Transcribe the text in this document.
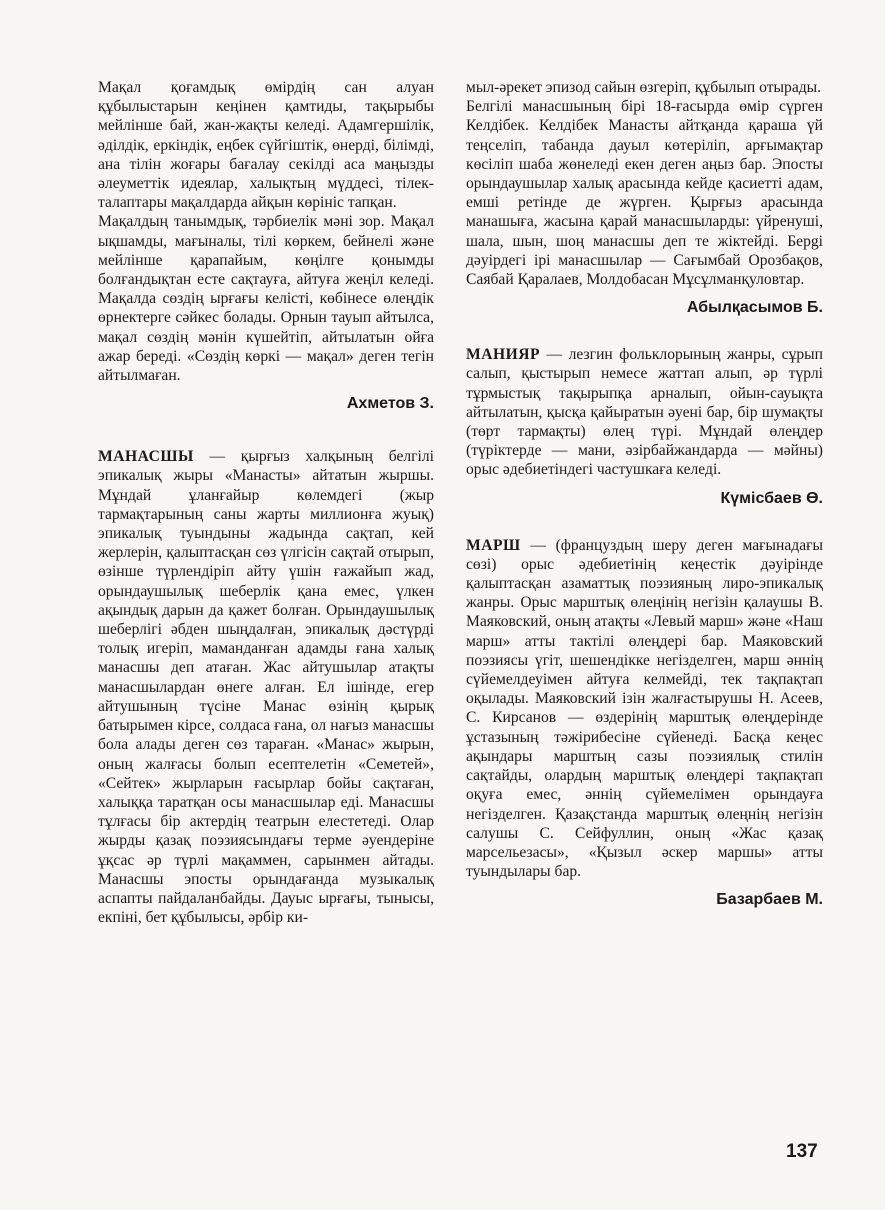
Мақал қоғамдық өмірдің сан алуан құбылыстарын кеңінен қамтиды, тақырыбы мейлінше бай, жан-жақты келеді. Адамгершілік, әділдік, еркіндік, еңбек сүйгіштік, өнерді, білімді, ана тілін жоғары бағалау секілді аса маңызды әлеуметтік идеялар, халықтың мүддесі, тілек-талаптары мақалдарда айқын көрініс тапқан.

Мақалдың танымдық, тәрбиелік мәні зор. Мақал ықшамды, мағыналы, тілі көркем, бейнелі және мейлінше қарапайым, көңілге қонымды болғандықтан есте сақтауға, айтуға жеңіл келеді. Мақалда сөздің ырғағы келісті, көбінесе өлеңдік өрнектерге сәйкес болады. Орнын тауып айтылса, мақал сөздің мәнін күшейтіп, айтылатын ойға ажар береді. «Сөздің көркі — мақал» деген тегін айтылмаған.

Ахметов З.

МАНАСШЫ — қырғыз халқының белгілі эпикалық жыры «Манасты» айтатын жыршы. Мұндай ұланғайыр көлемдегі (жыр тармақтарының саны жарты миллионға жуық) эпикалық туындыны жадында сақтап, кей жерлерін, қалыптасқан сөз үлгісін сақтай отырып, өзінше түрлендіріп айту үшін ғажайып жад, орындаушылық шеберлік қана емес, үлкен ақындық дарын да қажет болған. Орындаушылық шеберлігі әбден шыңдалған, эпикалық дәстүрді толық игеріп, маманданған адамды ғана халық манасшы деп атаған. Жас айтушылар атақты манасшылардан өнеге алған. Ел ішінде, егер айтушының түсіне Манас өзінің қырық батырымен кірсе, солдаса ғана, ол нағыз манасшы бола алады деген сөз тараған. «Манас» жырын, оның жалғасы болып есептелетін «Семетей», «Сейтек» жырларын ғасырлар бойы сақтаған, халыққа таратқан осы манасшылар еді. Манасшы тұлғасы бір актердің театрын елестетеді. Олар жырды қазақ поэзиясындағы терме әуендеріне ұқсас әр түрлі мақаммен, сарынмен айтады. Манасшы эпосты орындағанда музыкалық аспапты пайдаланбайды. Дауыс ырғағы, тынысы, екпіні, бет құбылысы, әрбір ки-

мыл-әрекет эпизод сайын өзгеріп, құбылып отырады.

Белгілі манасшының бірі 18-ғасырда өмір сүрген Келдібек. Келдібек Манасты айтқанда қараша үй теңселіп, табанда дауыл көтеріліп, арғымақтар көсіліп шаба жөнеледі екен деген аңыз бар. Эпосты орындаушылар халық арасында кейде қасиетті адам, емші ретінде де жүрген. Қырғыз арасында манашыға, жасына қарай манасшыларды: үйренуші, шала, шын, шоң манасшы деп те жіктейді. Берgi дәуірдегі ірі манасшылар — Сағымбай Орозбақов, Саябай Қаралаев, Молдобасан Мұсұлманқуловтар.

Абылқасымов Б.

МАНИЯР — лезгин фольклорының жанры, сұрып салып, қыстырып немесе жаттап алып, әр түрлі тұрмыстық тақырыпқа арналып, ойын-сауықта айтылатын, қысқа қайыратын әуені бар, бір шумақты (төрт тармақты) өлең түрі. Мұндай өлеңдер (түріктерде — мани, әзірбайжандарда — мәйны) орыс әдебиетіндегі частушкаға келеді.

Күмісбаев Ө.

МАРШ — (француздың шеру деген мағынадағы сөзі) орыс әдебиетінің кеңестік дәуірінде қалыптасқан азаматтық поэзияның лиро-эпикалық жанры. Орыс марштық өлеңінің негізін қалаушы В. Маяковский, оның атақты «Левый марш» және «Наш марш» атты тактілі өлеңдері бар. Маяковский поэзиясы үгіт, шешендікке негізделген, марш әннің сүйемелдеуімен айтуға келмейді, тек тақпақтап оқылады. Маяковский ізін жалғастырушы Н. Асеев, С. Кирсанов — өздерінің марштық өлеңдерінде ұстазының тәжірибесіне сүйенеді. Басқа кеңес ақындары марштың сазы поэзиялық стилін сақтайды, олардың марштық өлеңдері тақпақтап оқуға емес, әннің сүйемелімен орындауға негізделген. Қазақстанда марштық өлеңнің негізін салушы С. Сейфуллин, оның «Жас қазақ марсельезасы», «Қызыл әскер маршы» атты туындылары бар.

Базарбаев М.
137
